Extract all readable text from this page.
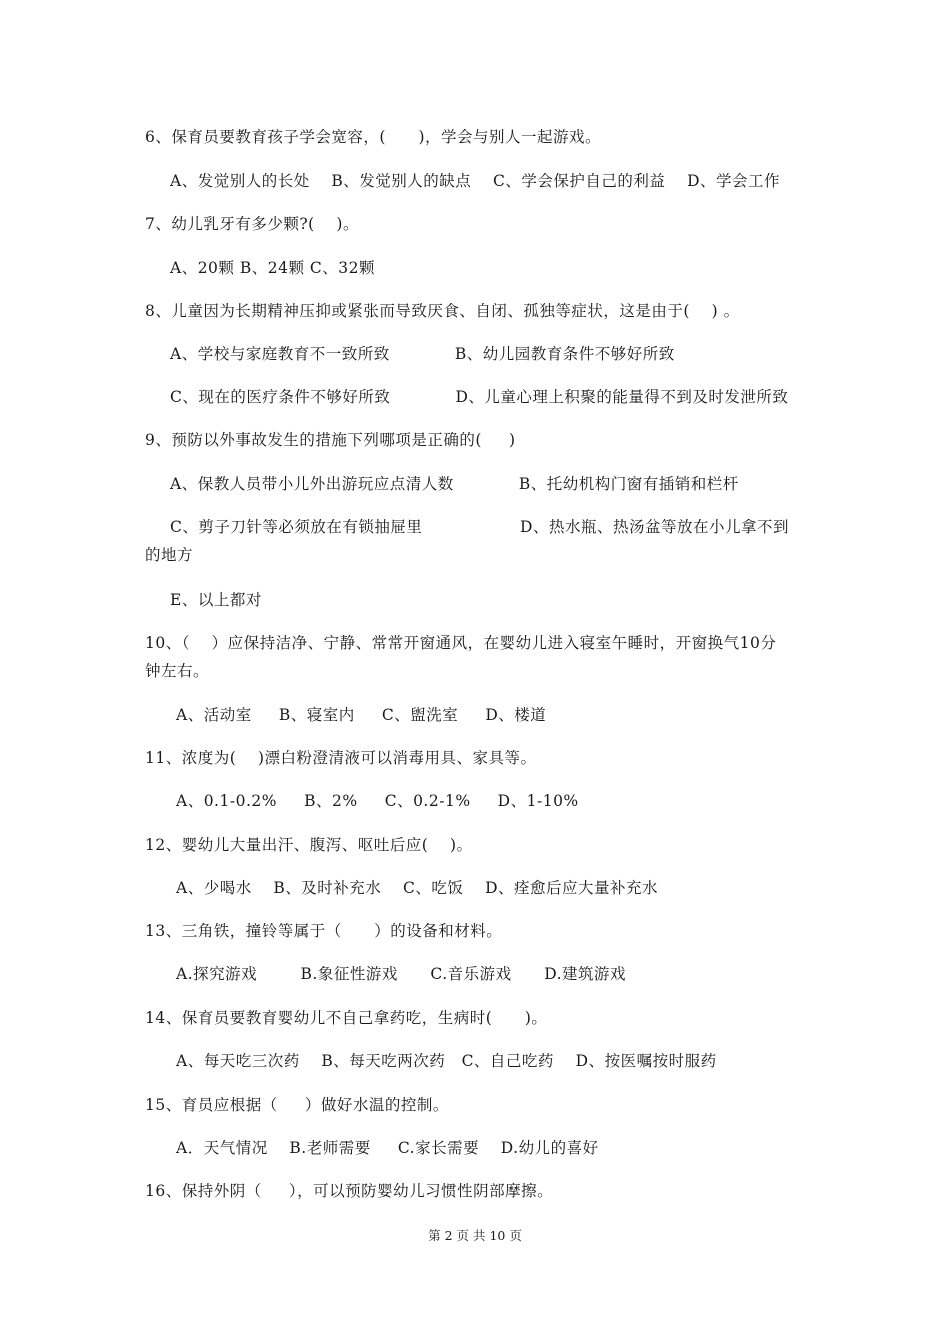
6、保育员要教育孩子学会宽容，(      )，学会与别人一起游戏。
A、发觉别人的长处    B、发觉别人的缺点    C、学会保护自己的利益    D、学会工作
7、幼儿乳牙有多少颗?(    )。
A、20颗 B、24颗 C、32颗
8、儿童因为长期精神压抑或紧张而导致厌食、自闭、孤独等症状，这是由于(    ) 。
A、学校与家庭教育不一致所致            B、幼儿园教育条件不够好所致
C、现在的医疗条件不够好所致            D、儿童心理上积聚的能量得不到及时发泄所致
9、预防以外事故发生的措施下列哪项是正确的(     )
A、保教人员带小儿外出游玩应点清人数            B、托幼机构门窗有插销和栏杆
C、剪子刀针等必须放在有锁抽屉里                  D、热水瓶、热汤盆等放在小儿拿不到
的地方
E、以上都对
10、（    ）应保持洁净、宁静、常常开窗通风，在婴幼儿进入寝室午睡时，开窗换气10分
钟左右。
A、活动室     B、寝室内     C、盥洗室     D、楼道
11、浓度为(    )漂白粉澄清液可以消毒用具、家具等。
A、0.1-0.2%     B、2%     C、0.2-1%     D、1-10%
12、婴幼儿大量出汗、腹泻、呕吐后应(    )。
A、少喝水    B、及时补充水    C、吃饭    D、痊愈后应大量补充水
13、三角铁，撞铃等属于（      ）的设备和材料。
A.探究游戏        B.象征性游戏      C.音乐游戏      D.建筑游戏
14、保育员要教育婴幼儿不自己拿药吃，生病时(      )。
A、每天吃三次药    B、每天吃两次药   C、自己吃药    D、按医嘱按时服药
15、育员应根据（     ）做好水温的控制。
A．天气情况    B.老师需要     C.家长需要    D.幼儿的喜好
16、保持外阴（     ），可以预防婴幼儿习惯性阴部摩擦。
第 2 页 共 10 页
